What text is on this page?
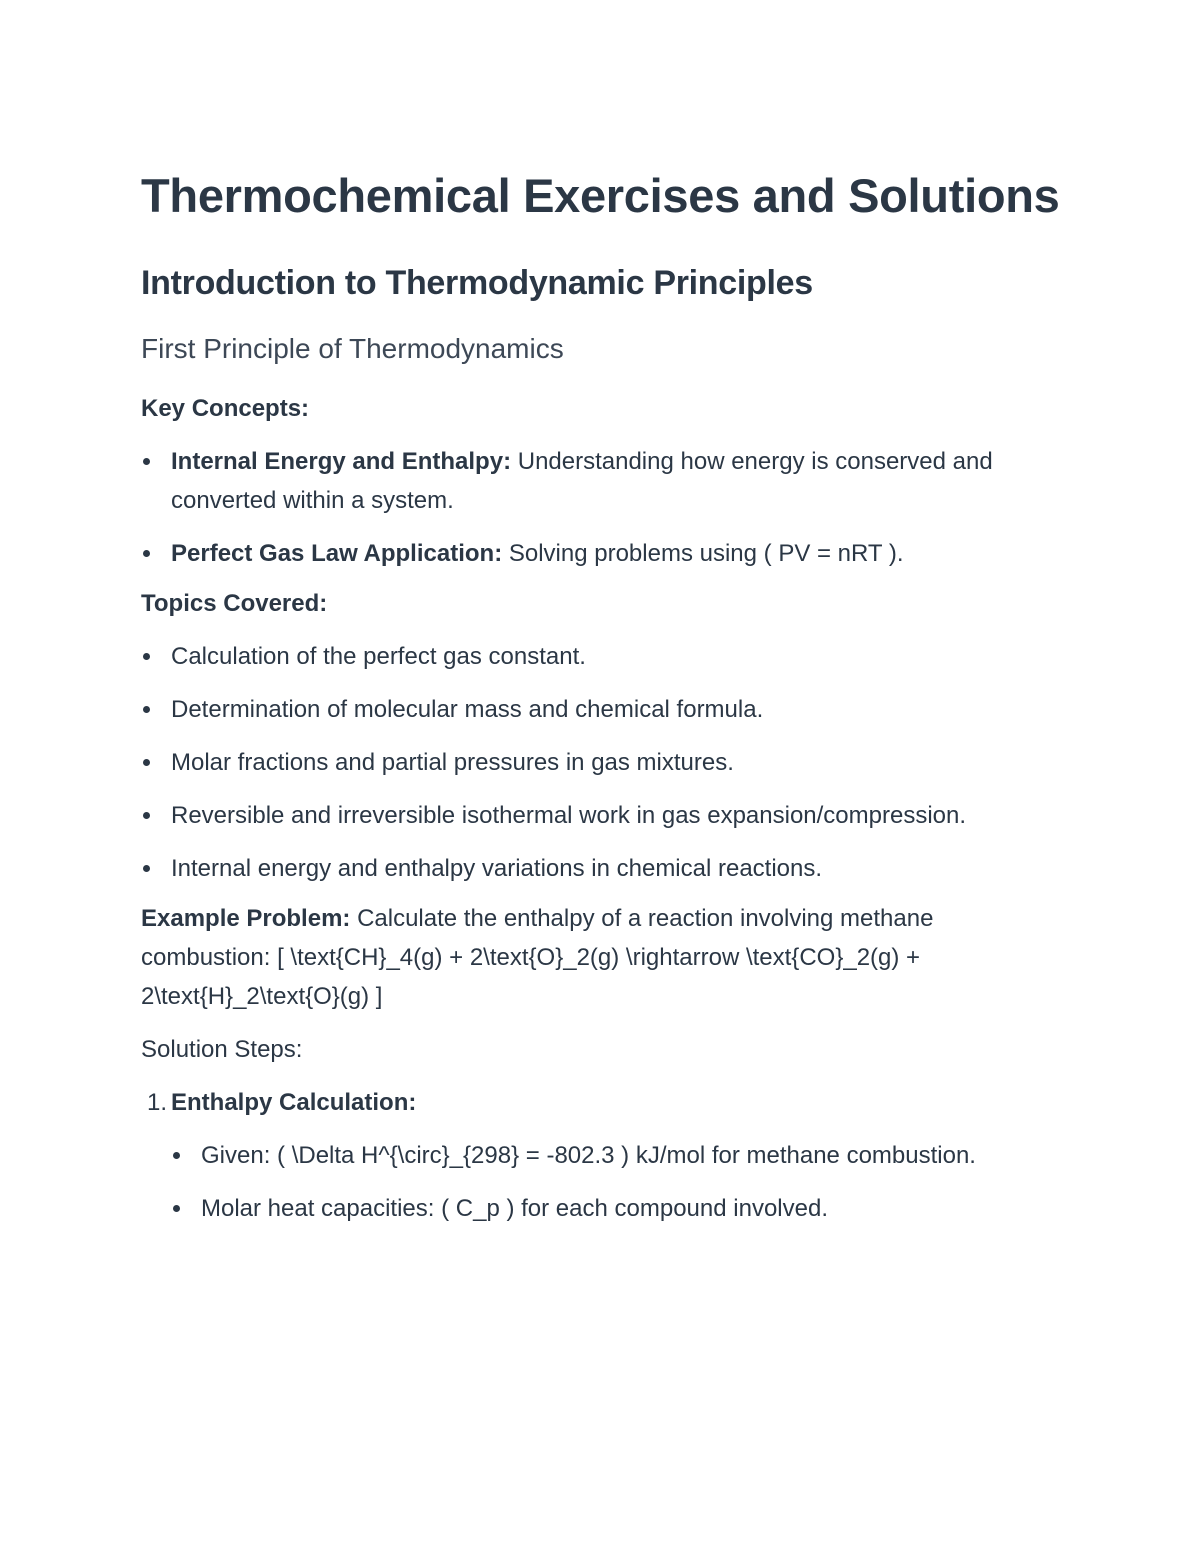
Thermochemical Exercises and Solutions
Introduction to Thermodynamic Principles
First Principle of Thermodynamics

Key Concepts:

Internal Energy and Enthalpy: Understanding how energy is conserved and converted within a system.
Perfect Gas Law Application: Solving problems using ( PV = nRT ).

Topics Covered:

Calculation of the perfect gas constant.
Determination of molecular mass and chemical formula.
Molar fractions and partial pressures in gas mixtures.
Reversible and irreversible isothermal work in gas expansion/compression.
Internal energy and enthalpy variations in chemical reactions.

Example Problem: Calculate the enthalpy of a reaction involving methane combustion: [ \text{CH}_4(g) + 2\text{O}_2(g) \rightarrow \text{CO}_2(g) + 2\text{H}_2\text{O}(g) ]

Solution Steps:

1. Enthalpy Calculation:
Given: ( \Delta H^{\circ}_{298} = -802.3 ) kJ/mol for methane combustion.
Molar heat capacities: ( C_p ) for each compound involved.
